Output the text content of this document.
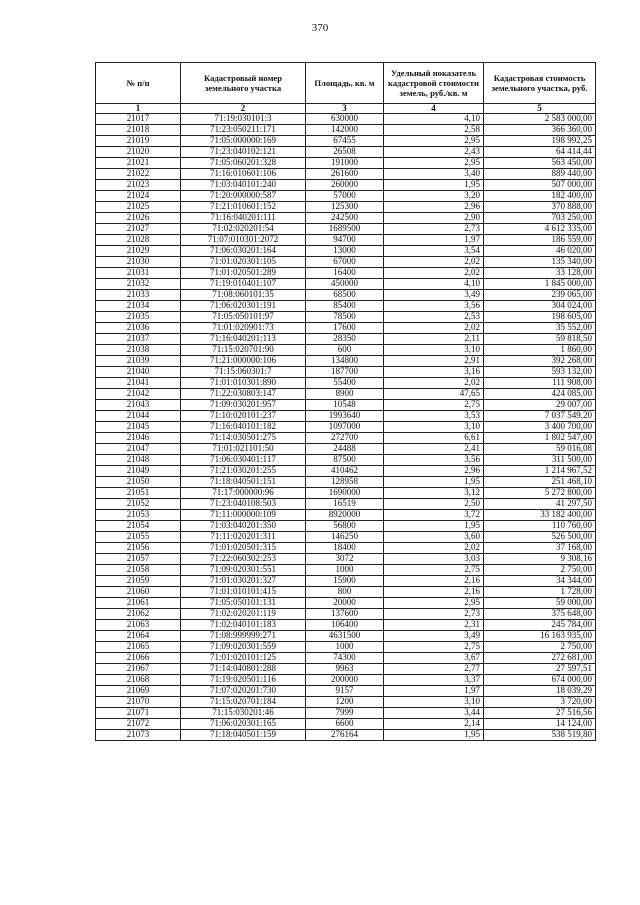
370
№ п/п	Кадастровый номер земельного участка	Площадь, кв. м	Удельный показатель кадастровой стоимости земель, руб./кв. м	Кадастровая стоимость земельного участка, руб.
1	2	3	4	5
21017	71:19:030101:3	630000	4,10	2 583 000,00
21018	71:23:050211:171	142000	2,58	366 360,00
21019	71:05:000000:169	67455	2,95	198 992,25
21020	71:23:040102:121	26508	2,43	64 414,44
21021	71:05:060201:328	191000	2,95	563 450,00
21022	71:16:010601:106	261600	3,40	889 440,00
21023	71:03:040101:240	260000	1,95	507 000,00
21024	71:20:000000:587	57000	3,20	182 400,00
21025	71:21:010601:152	125300	2,96	370 888,00
21026	71:16:040201:111	242500	2,90	703 250,00
21027	71:02:020201:54	1689500	2,73	4 612 335,00
21028	71:07:010301:2072	94700	1,97	186 559,00
21029	71:06:030201:164	13000	3,54	46 020,00
21030	71:01:020301:105	67000	2,02	135 340,00
21031	71:01:020501:289	16400	2,02	33 128,00
21032	71:19:010401:107	450000	4,10	1 845 000,00
21033	71:08:060101:35	68500	3,49	239 065,00
21034	71:06:020301:191	85400	3,56	304 024,00
21035	71:05:050101:97	78500	2,53	198 605,00
21036	71:01:020901:73	17600	2,02	35 552,00
21037	71:16:040201:113	28350	2,11	59 818,50
21038	71:15:020701:90	600	3,10	1 860,00
21039	71:21:000000:106	134800	2,91	392 268,00
21040	71:15:060301:7	187700	3,16	593 132,00
21041	71:01:010301:890	55400	2,02	111 908,00
21042	71:22:030803:147	8900	47,65	424 085,00
21043	71:09:030201:957	10548	2,75	29 007,00
21044	71:10:020101:237	1993640	3,53	7 037 549,20
21045	71:16:040101:182	1097000	3,10	3 400 700,00
21046	71:14:030501:275	272700	6,61	1 802 547,00
21047	71:01:021101:50	24488	2,41	59 016,08
21048	71:06:030401:117	87500	3,56	311 500,00
21049	71:21:030201:255	410462	2,96	1 214 967,52
21050	71:18:040501:151	128958	1,95	251 468,10
21051	71:17:000000:96	1690000	3,12	5 272 800,00
21052	71:23:040108:503	16519	2,50	41 297,50
21053	71:11:000000:109	8920000	3,72	33 182 400,00
21054	71:03:040201:350	56800	1,95	110 760,00
21055	71:11:020201:311	146250	3,60	526 500,00
21056	71:01:020501:315	18400	2,02	37 168,00
21057	71:22:060302:253	3072	3,03	9 308,16
21058	71:09:020301:551	1000	2,75	2 750,00
21059	71:01:030201:327	15900	2,16	34 344,00
21060	71:01:010101:415	800	2,16	1 728,00
21061	71:05:050101:131	20000	2,95	59 000,00
21062	71:02:020201:119	137600	2,73	375 648,00
21063	71:02:040101:183	106400	2,31	245 784,00
21064	71:08:999999:271	4631500	3,49	16 163 935,00
21065	71:09:020301:559	1000	2,75	2 750,00
21066	71:01:020101:125	74300	3,67	272 681,00
21067	71:14:040801:288	9963	2,77	27 597,51
21068	71:19:020501:116	200000	3,37	674 000,00
21069	71:07:020201:730	9157	1,97	18 039,29
21070	71:15:020701:184	1200	3,10	3 720,00
21071	71:15:030201:46	7999	3,44	27 516,56
21072	71:06:020301:165	6600	2,14	14 124,00
21073	71:18:040501:159	276164	1,95	538 519,80
